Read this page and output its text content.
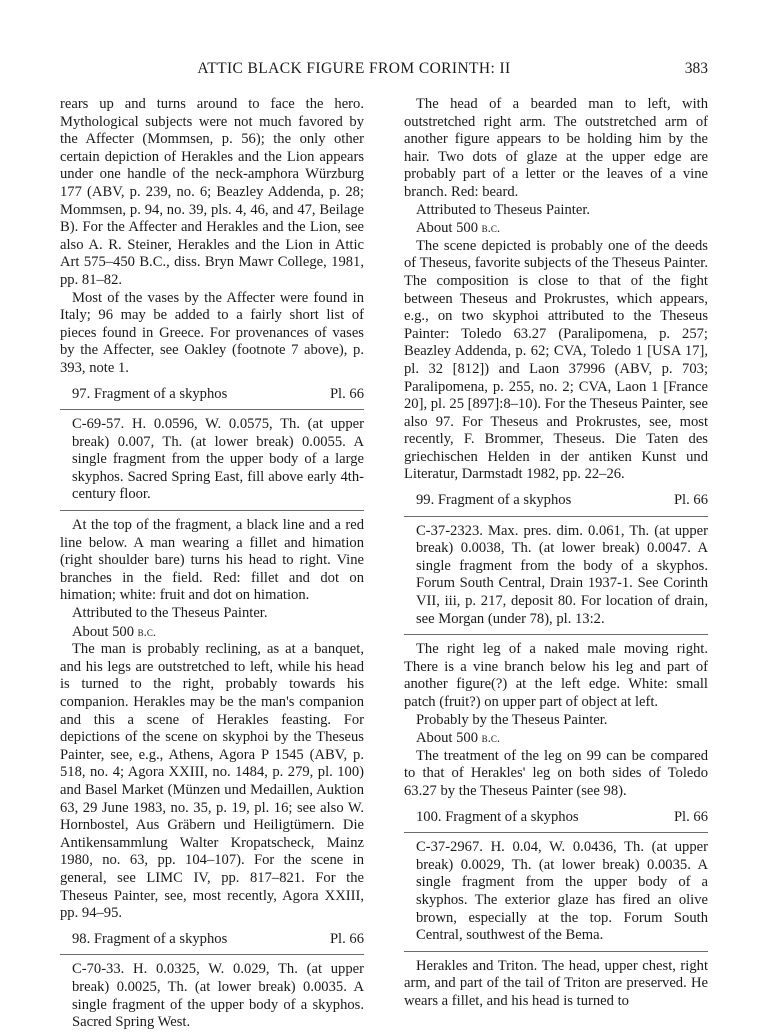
ATTIC BLACK FIGURE FROM CORINTH: II	383

rears up and turns around to face the hero. Mythological subjects were not much favored by the Affecter (Mommsen, p. 56); the only other certain depiction of Herakles and the Lion appears under one handle of the neck-amphora Würzburg 177 (ABV, p. 239, no. 6; Beazley Addenda, p. 28; Mommsen, p. 94, no. 39, pls. 4, 46, and 47, Beilage B). For the Affecter and Herakles and the Lion, see also A. R. Steiner, Herakles and the Lion in Attic Art 575–450 B.C., diss. Bryn Mawr College, 1981, pp. 81–82.

Most of the vases by the Affecter were found in Italy; 96 may be added to a fairly short list of pieces found in Greece. For provenances of vases by the Affecter, see Oakley (footnote 7 above), p. 393, note 1.

97. Fragment of a skyphos	Pl. 66

C-69-57. H. 0.0596, W. 0.0575, Th. (at upper break) 0.007, Th. (at lower break) 0.0055. A single fragment from the upper body of a large skyphos. Sacred Spring East, fill above early 4th-century floor.

At the top of the fragment, a black line and a red line below. A man wearing a fillet and himation (right shoulder bare) turns his head to right. Vine branches in the field. Red: fillet and dot on himation; white: fruit and dot on himation.

Attributed to the Theseus Painter.

About 500 b.c.

The man is probably reclining, as at a banquet, and his legs are outstretched to left, while his head is turned to the right, probably towards his companion. Herakles may be the man's companion and this a scene of Herakles feasting. For depictions of the scene on skyphoi by the Theseus Painter, see, e.g., Athens, Agora P 1545 (ABV, p. 518, no. 4; Agora XXIII, no. 1484, p. 279, pl. 100) and Basel Market (Münzen und Medaillen, Auktion 63, 29 June 1983, no. 35, p. 19, pl. 16; see also W. Hornbostel, Aus Gräbern und Heiligtümern. Die Antikensammlung Walter Kropatscheck, Mainz 1980, no. 63, pp. 104–107). For the scene in general, see LIMC IV, pp. 817–821. For the Theseus Painter, see, most recently, Agora XXIII, pp. 94–95.

98. Fragment of a skyphos	Pl. 66

C-70-33. H. 0.0325, W. 0.029, Th. (at upper break) 0.0025, Th. (at lower break) 0.0035. A single fragment of the upper body of a skyphos. Sacred Spring West.

The head of a bearded man to left, with outstretched right arm. The outstretched arm of another figure appears to be holding him by the hair. Two dots of glaze at the upper edge are probably part of a letter or the leaves of a vine branch. Red: beard.

Attributed to Theseus Painter.

About 500 b.c.

The scene depicted is probably one of the deeds of Theseus, favorite subjects of the Theseus Painter. The composition is close to that of the fight between Theseus and Prokrustes, which appears, e.g., on two skyphoi attributed to the Theseus Painter: Toledo 63.27 (Paralipomena, p. 257; Beazley Addenda, p. 62; CVA, Toledo 1 [USA 17], pl. 32 [812]) and Laon 37996 (ABV, p. 703; Paralipomena, p. 255, no. 2; CVA, Laon 1 [France 20], pl. 25 [897]:8–10). For the Theseus Painter, see also 97. For Theseus and Prokrustes, see, most recently, F. Brommer, Theseus. Die Taten des griechischen Helden in der antiken Kunst und Literatur, Darmstadt 1982, pp. 22–26.

99. Fragment of a skyphos	Pl. 66

C-37-2323. Max. pres. dim. 0.061, Th. (at upper break) 0.0038, Th. (at lower break) 0.0047. A single fragment from the body of a skyphos. Forum South Central, Drain 1937-1. See Corinth VII, iii, p. 217, deposit 80. For location of drain, see Morgan (under 78), pl. 13:2.

The right leg of a naked male moving right. There is a vine branch below his leg and part of another figure(?) at the left edge. White: small patch (fruit?) on upper part of object at left.

Probably by the Theseus Painter.

About 500 b.c.

The treatment of the leg on 99 can be compared to that of Herakles' leg on both sides of Toledo 63.27 by the Theseus Painter (see 98).

100. Fragment of a skyphos	Pl. 66

C-37-2967. H. 0.04, W. 0.0436, Th. (at upper break) 0.0029, Th. (at lower break) 0.0035. A single fragment from the upper body of a skyphos. The exterior glaze has fired an olive brown, especially at the top. Forum South Central, southwest of the Bema.

Herakles and Triton. The head, upper chest, right arm, and part of the tail of Triton are preserved. He wears a fillet, and his head is turned to
